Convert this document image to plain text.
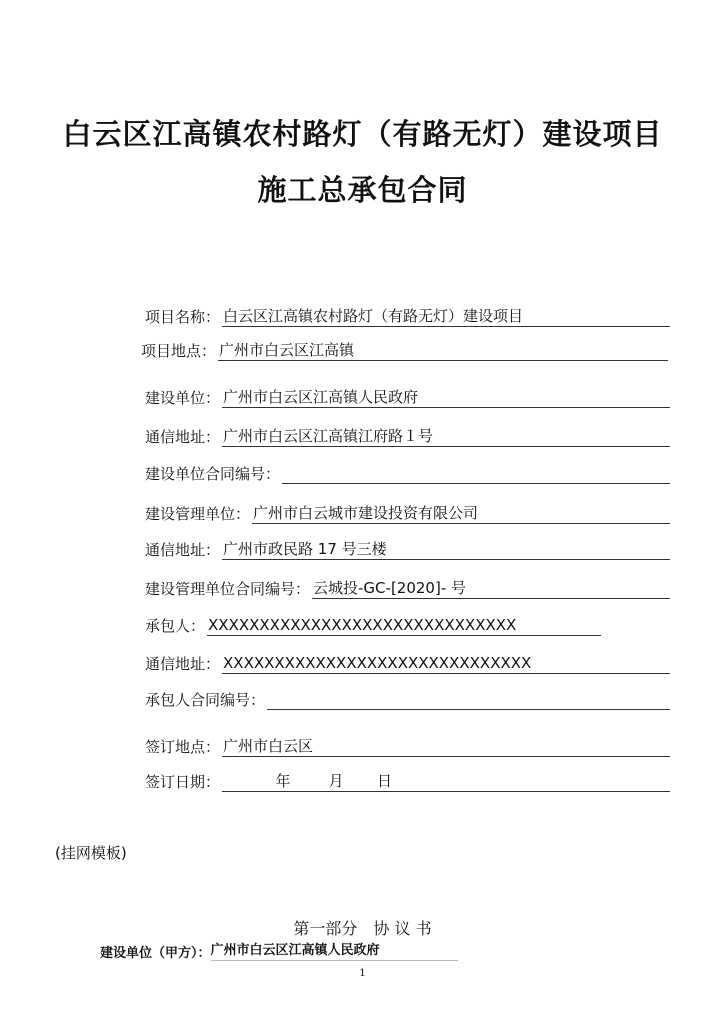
白云区江高镇农村路灯（有路无灯）建设项目
施工总承包合同
项目名称： 白云区江高镇农村路灯（有路无灯）建设项目
项目地点： 广州市白云区江高镇
建设单位： 广州市白云区江高镇人民政府
通信地址： 广州市白云区江高镇江府路１号
建设单位合同编号：
建设管理单位： 广州市白云城市建设投资有限公司
通信地址： 广州市政民路 17 号三楼
建设管理单位合同编号： 云城投-GC-[2020]- 号
承包人： XXXXXXXXXXXXXXXXXXXXXXXXXXXXXX
通信地址： XXXXXXXXXXXXXXXXXXXXXXXXXXXXXX
承包人合同编号：
签订地点： 广州市白云区
签订日期： 年        月       日
(挂网模板)
第一部分　协 议 书
建设单位（甲方）： 广州市白云区江高镇人民政府
1
